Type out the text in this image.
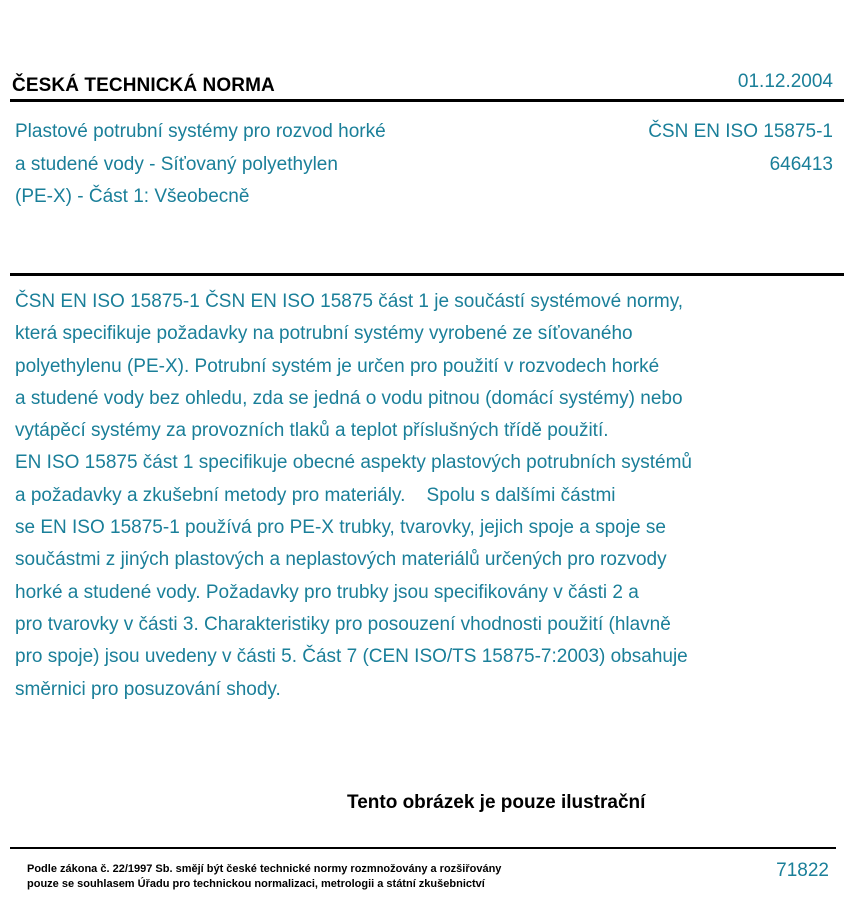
ČESKÁ TECHNICKÁ NORMA	01.12.2004
Plastové potrubní systémy pro rozvod horké
a studené vody - Síťovaný polyethylen
(PE-X) - Část 1: Všeobecně
ČSN EN ISO 15875-1
646413
ČSN EN ISO 15875-1 ČSN EN ISO 15875 část 1 je součástí systémové normy,
která specifikuje požadavky na potrubní systémy vyrobené ze síťovaného
polyethylenu (PE-X). Potrubní systém je určen pro použití v rozvodech horké
a studené vody bez ohledu, zda se jedná o vodu pitnou (domácí systémy) nebo
vytápěcí systémy za provozních tlaků a teplot příslušných třídě použití.
EN ISO 15875 část 1 specifikuje obecné aspekty plastových potrubních systémů
a požadavky a zkušební metody pro materiály.    Spolu s dalšími částmi
se EN ISO 15875-1 používá pro PE-X trubky, tvarovky, jejich spoje a spoje se
součástmi z jiných plastových a neplastových materiálů určených pro rozvody
horké a studené vody. Požadavky pro trubky jsou specifikovány v části 2 a
pro tvarovky v části 3. Charakteristiky pro posouzení vhodnosti použití (hlavně
pro spoje) jsou uvedeny v části 5. Část 7 (CEN ISO/TS 15875-7:2003) obsahuje
směrnici pro posuzování shody.
Tento obrázek je pouze ilustrační
Podle zákona č. 22/1997 Sb. smějí být české technické normy rozmnožovány a rozšiřovány
pouze se souhlasem Úřadu pro technickou normalizaci, metrologii a státní zkušebnictví
71822
